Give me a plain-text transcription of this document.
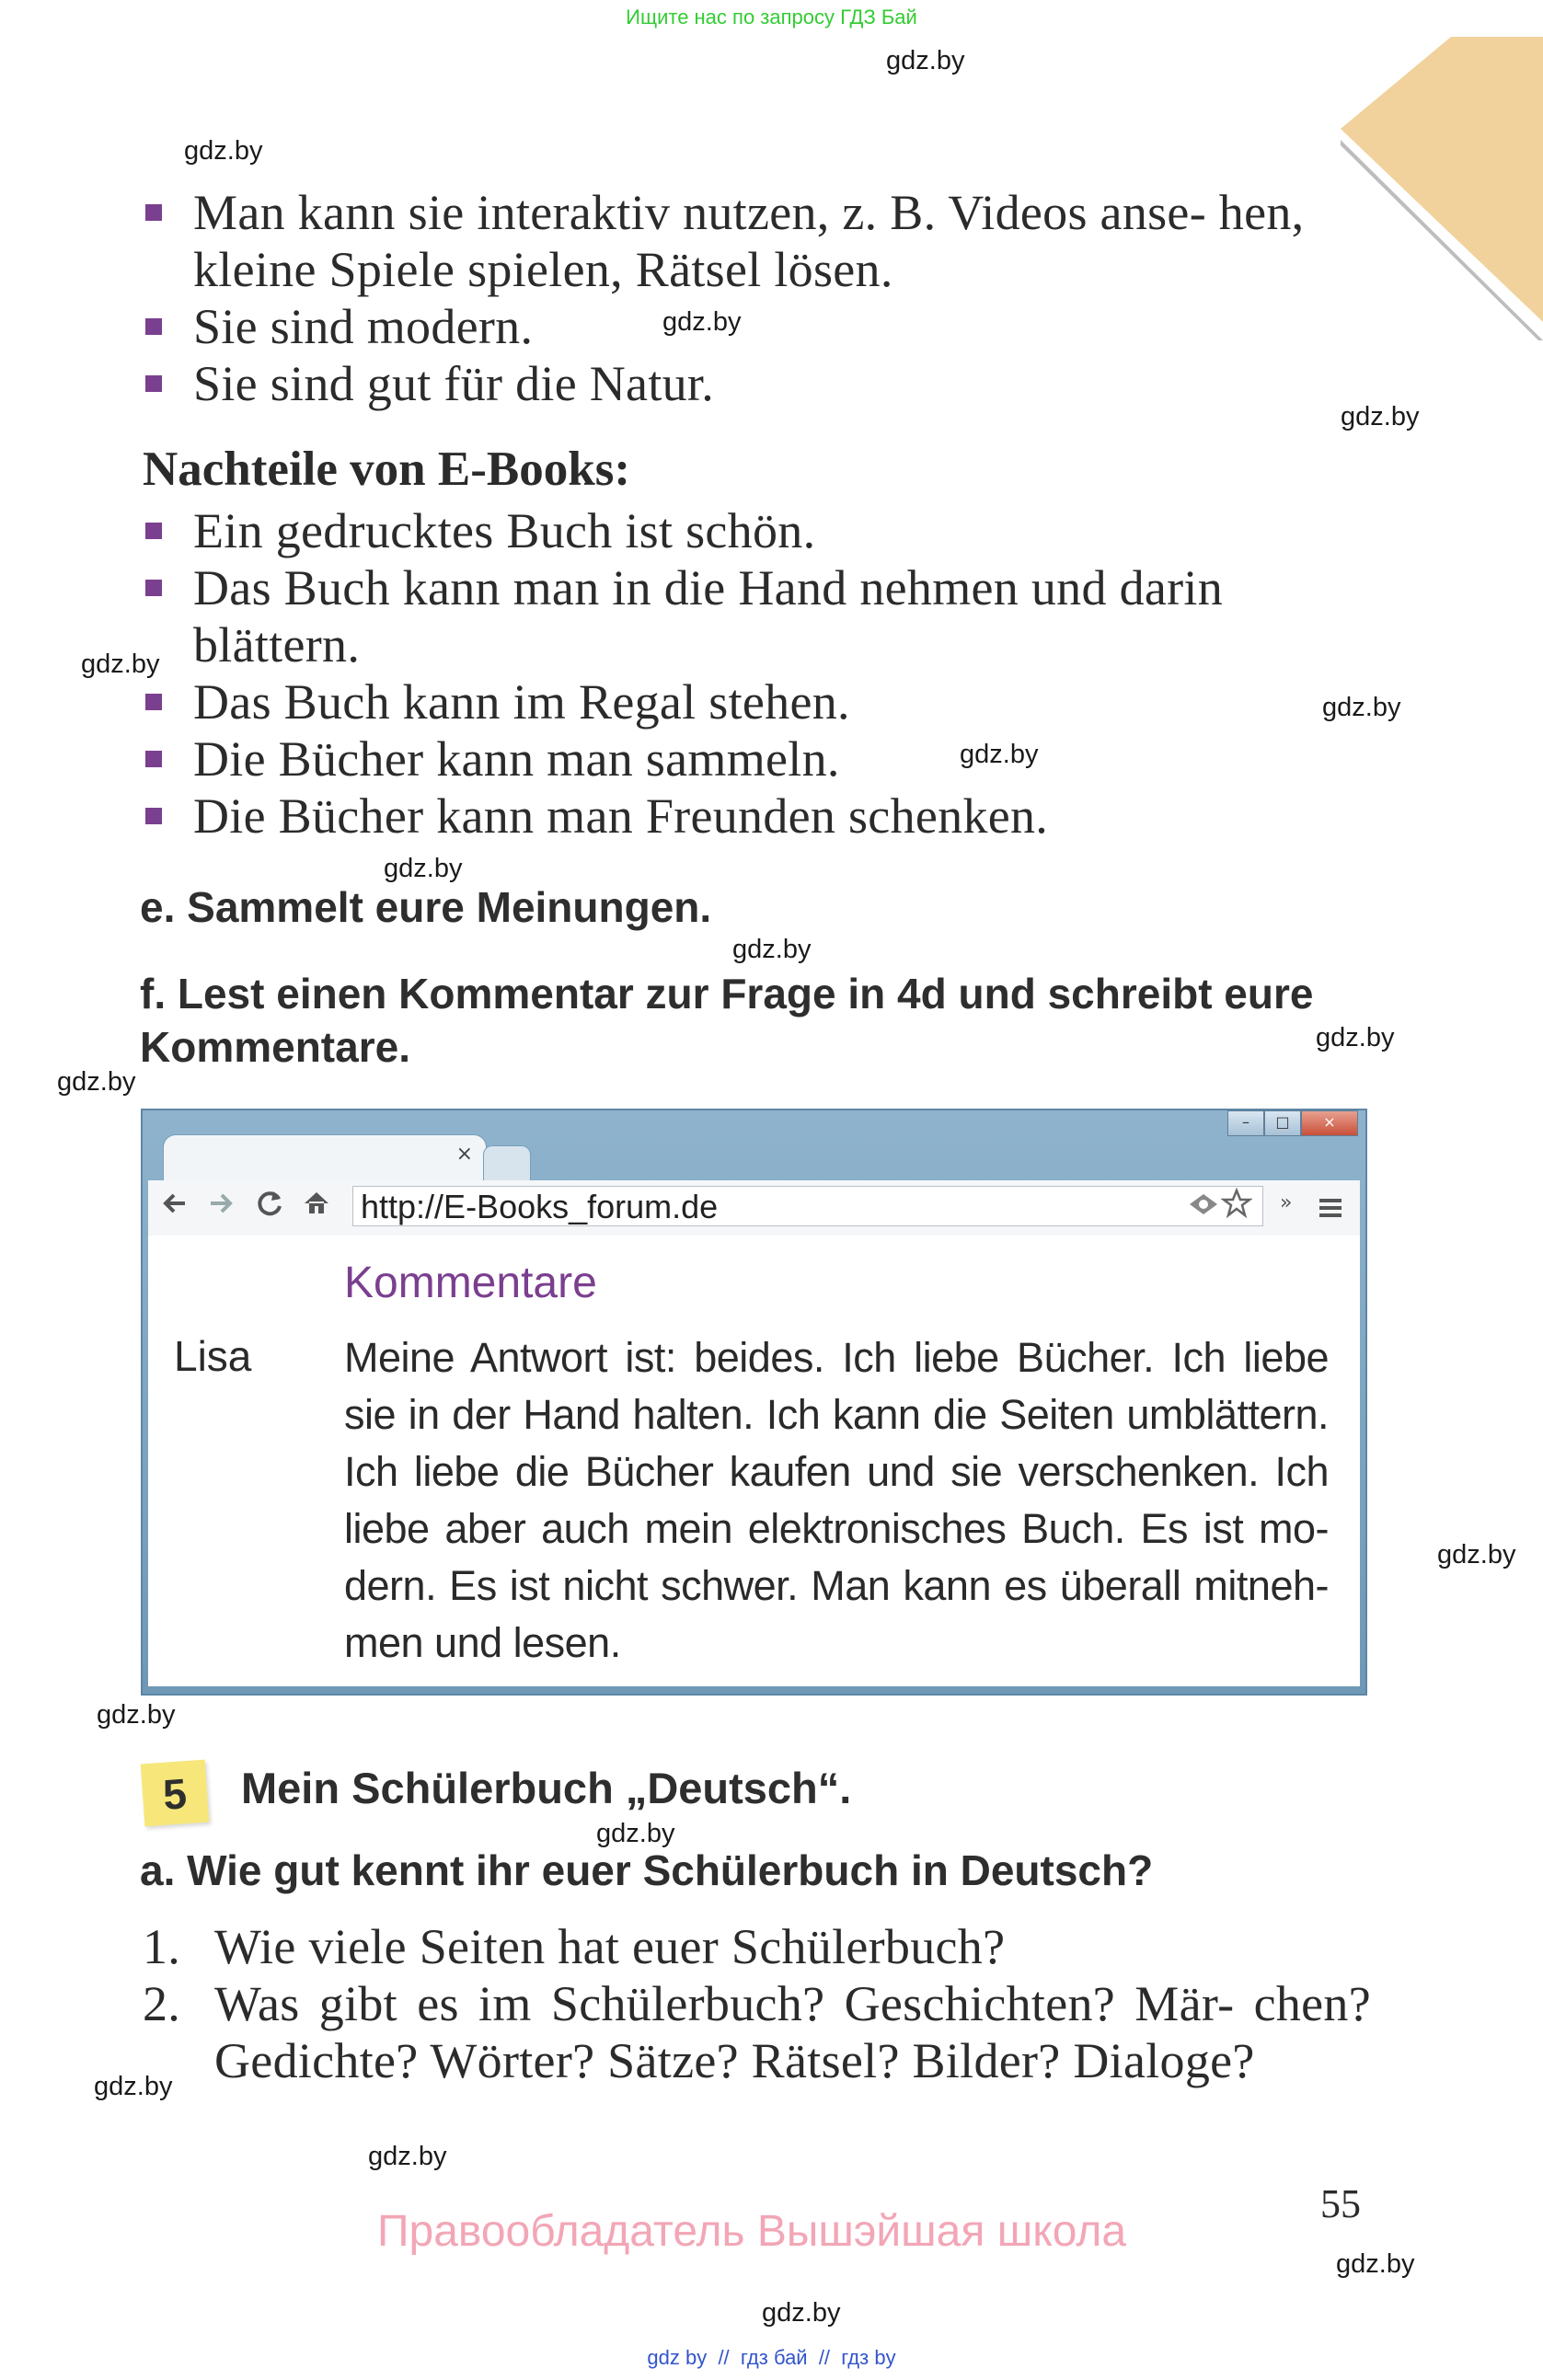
Ищите нас по запросу ГДЗ Бай
gdz.by
gdz.by
gdz.by
gdz.by
gdz.by
gdz.by
gdz.by
gdz.by
gdz.by
gdz.by
gdz.by
gdz.by
gdz.by
gdz.by
gdz.by
gdz.by
gdz.by
gdz.by
Man kann sie interaktiv nutzen, z. B. Videos anse- hen, kleine Spiele spielen, Rätsel lösen.
Sie sind modern.
Sie sind gut für die Natur.
Nachteile von E-Books:
Ein gedrucktes Buch ist schön.
Das Buch kann man in die Hand nehmen und darin blättern.
Das Buch kann im Regal stehen.
Die Bücher kann man sammeln.
Die Bücher kann man Freunden schenken.
e. Sammelt eure Meinungen.
f. Lest einen Kommentar zur Frage in 4d und schreibt eure Kommentare.
–	□	×
×
http://E-Books_forum.de	»
Kommentare
Lisa Meine Antwort ist: beides. Ich liebe Bücher. Ich liebe sie in der Hand halten. Ich kann die Seiten umblättern. Ich liebe die Bücher kaufen und sie verschenken. Ich liebe aber auch mein elektronisches Buch. Es ist mo- dern. Es ist nicht schwer. Man kann es überall mitneh- men und lesen.
5	Mein Schülerbuch „Deutsch“.
a. Wie gut kennt ihr euer Schülerbuch in Deutsch?
1. Wie viele Seiten hat euer Schülerbuch?
2. Was gibt es im Schülerbuch? Geschichten? Mär- chen? Gedichte? Wörter? Sätze? Rätsel? Bilder? Dialoge?
55
Правообладатель Вышэйшая школа
gdz by  //  гдз бай  //  гдз by
